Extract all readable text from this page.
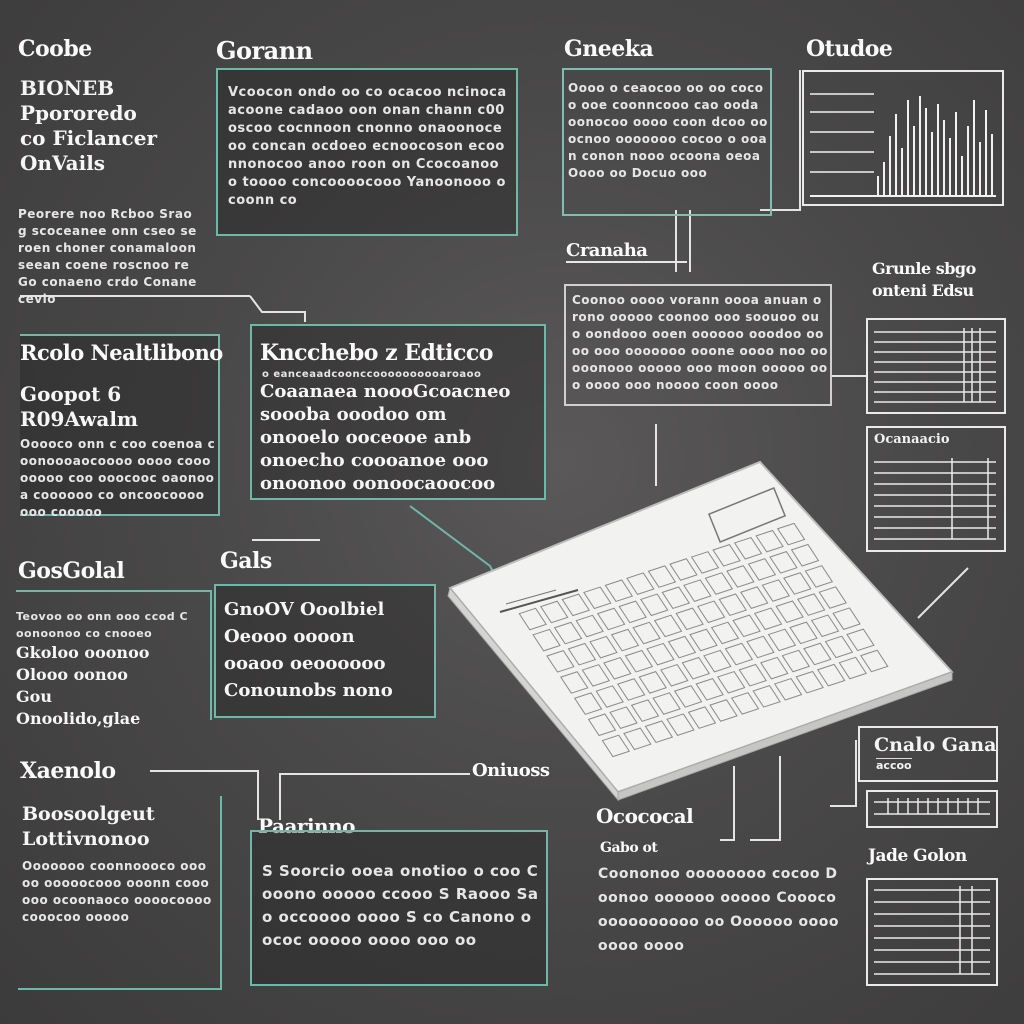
Coobe
BIONEB
Ppororedo
co Ficlancer
OnVails
Peorere noo Rcboo Sraog scoceanee onn cseo seroen choner conamaloon seean coene roscnoo re Go conaeno crdo Conane cevlo
Gorann
Vcoocon ondo oo co ocacoo ncinocaacoone cadaoo oon onan chann c00 oscoo cocnnoon cnonno onaoonoceoo concan ocdoeo ecnoocoson ecoonnonocoo anoo roon on Ccocoanooo toooo concoooocooo Yanoonooo ocoonn co
Gneeka
Oooo o ceaocoo oo oo cocoo ooe coonncooo cao ooda oonocoo oooo coon dcoo ooocnoo ooooooo cocoo o ooan conon nooo ocoona oeoa Oooo oo Docuo ooo
Otudoe
Cranaha
Coonoo oooo vorann oooa anuan orono ooooo coonoo ooo soouoo ouo oondooo ooen oooooo ooodoo oooo ooo ooooooo ooone oooo noo oo ooonooo ooooo ooo moon ooooo ooo oooo ooo noooo coon oooo
Grunle sbgo onteni Edsu
Ocanaacio
Cnalo Gana
accoo
Jade Golon
Rcolo Nealtlibono
Goopot 6
R09Awalm
Ooooco onn c coo coenoa coonoooaocoooo oooo cooo ooooo coo ooocooc oaonooa coooooo co oncoocoooo ooo cooooo
Kncchebo z Edticco
o eanceaadcoonccoooooooooaroaoo
Coaanaea noooGcoacneo
soooba ooodoo om
onooelo ooceooe anb
onoecho coooanoe ooo
onoonoo oonoocaoocoo
GosGolal
Teovoo oo onn ooo ccod Coonoonoo co cnooeo
Gkoloo ooonoo
Olooo oonoo
Gou
Onoolido,glae
Gals
GnoOV Ooolbiel
Oeooo oooon
ooaoo oeoooooo
Conounobs nono
Xaenolo
Boosoolgeut
Lottivnonoo
Ooooooo coonnoooco ooooo ooooocooo ooonn coooooo ocoonaoco oooocoooo cooocoo ooooo
Paarinno
Oniuoss
S Soorcio ooea onotioo o coo Cooono ooooo ccooo S Raooo Sao occoooo oooo S co Canono oococ ooooo oooo ooo oo
Ocococal
Gabo ot
Coononoo oooooooo cocoo Doonoo oooooo ooooo Coooco oooooooooo oo Oooooo oooo oooo oooo
